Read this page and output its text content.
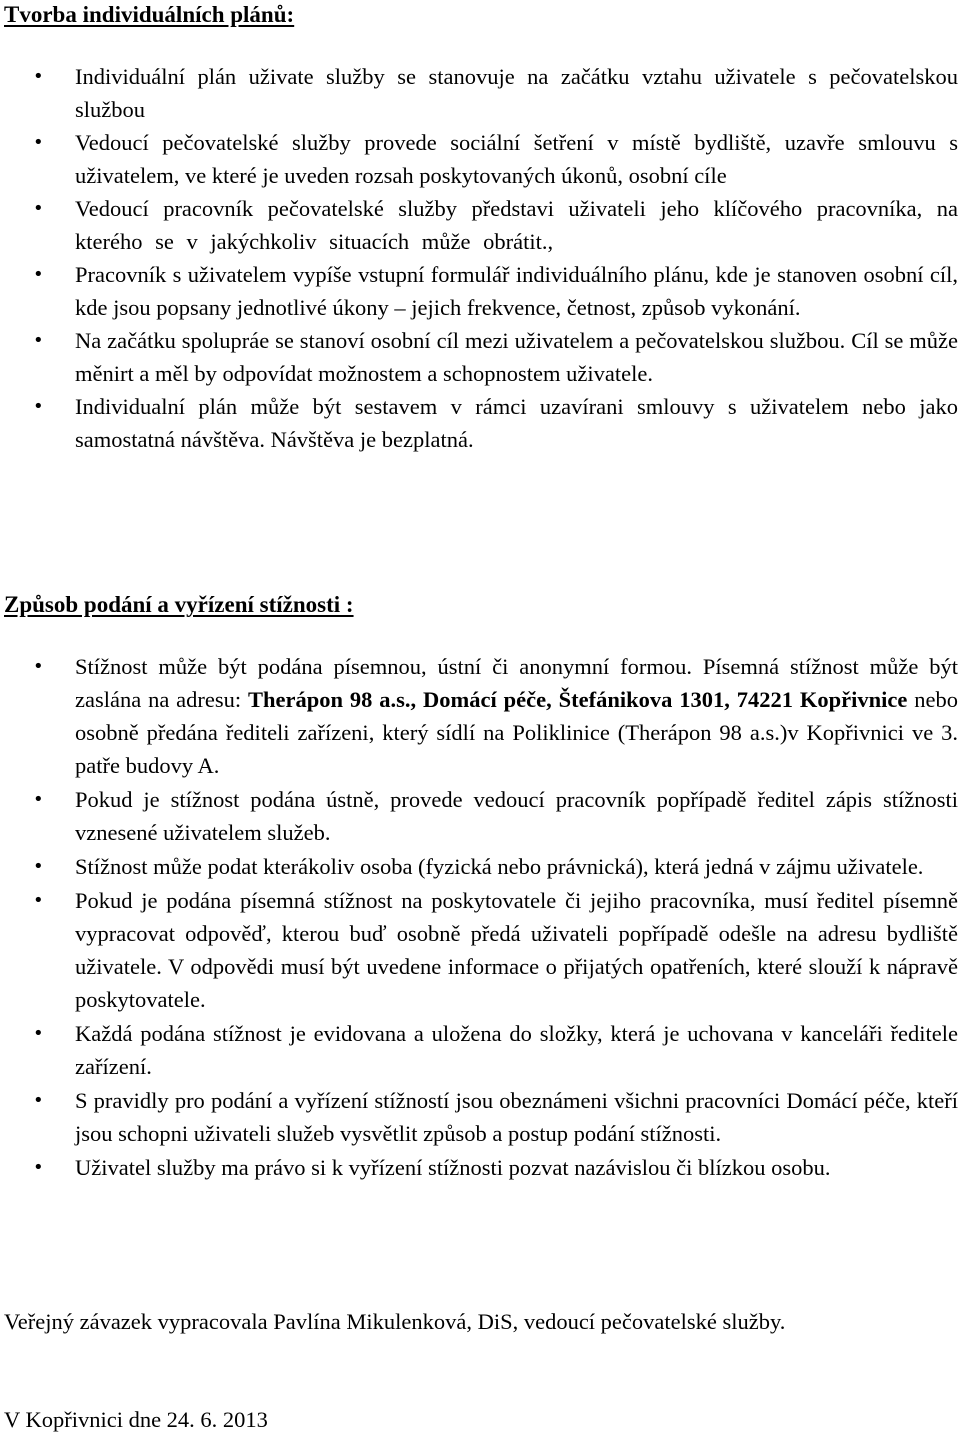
Tvorba individuálních plánů:
•	Individuální plán uživate služby se stanovuje na začátku vztahu uživatele s pečovatelskou službou
•	Vedoucí pečovatelské služby provede sociální šetření v místě bydliště, uzavře smlouvu s uživatelem, ve které je uveden rozsah poskytovaných úkonů, osobní cíle
•	Vedoucí pracovník pečovatelské služby představi uživateli jeho klíčového pracovníka, na kterého se v jakýchkoliv situacích může obrátit.,
•	Pracovník s uživatelem vypíše vstupní formulář individuálního plánu, kde je stanoven osobní cíl, kde jsou popsany jednotlivé úkony – jejich frekvence, četnost, způsob vykonání.
•	Na začátku spolupráe se stanoví osobní cíl mezi uživatelem a pečovatelskou službou. Cíl se může měnirt a měl by odpovídat možnostem a schopnostem uživatele.
•	Individualní plán může být sestavem v rámci uzavírani smlouvy s uživatelem nebo jako samostatná návštěva. Návštěva je bezplatná.
Způsob podání a vyřízení stížnosti :
•	Stížnost může být podána písemnou, ústní či anonymní formou. Písemná stížnost může být zaslána na adresu: Therápon 98 a.s., Domácí péče, Štefánikova 1301, 74221 Kopřivnice nebo osobně předána řediteli zařízeni, který sídlí na Poliklinice (Therápon 98 a.s.)v Kopřivnici ve 3. patře budovy A.
•	Pokud je stížnost podána ústně, provede vedoucí pracovník popřípadě ředitel zápis stížnosti vznesené uživatelem služeb.
•	Stížnost může podat kterákoliv osoba (fyzická nebo právnická), která jedná v zájmu uživatele.
•	Pokud je podána písemná stížnost na poskytovatele či jejiho pracovníka, musí ředitel písemně vypracovat odpověď, kterou buď osobně předá uživateli popřípadě odešle na adresu bydliště uživatele. V odpovědi musí být uvedene informace o přijatých opatřeních, které slouží k nápravě poskytovatele.
•	Každá podána stížnost je evidovana a uložena do složky, která je uchovana v kanceláři ředitele zařízení.
•	S pravidly pro podání a vyřízení stížností jsou obeznámeni všichni pracovníci Domácí péče, kteří jsou schopni uživateli služeb vysvětlit způsob a postup podání stížnosti.
•	Uživatel služby ma právo si k vyřízení stížnosti pozvat nazávislou či blízkou osobu.

Veřejný závazek vypracovala Pavlína Mikulenková, DiS, vedoucí pečovatelské služby.

V Kopřivnici dne 24. 6. 2013
